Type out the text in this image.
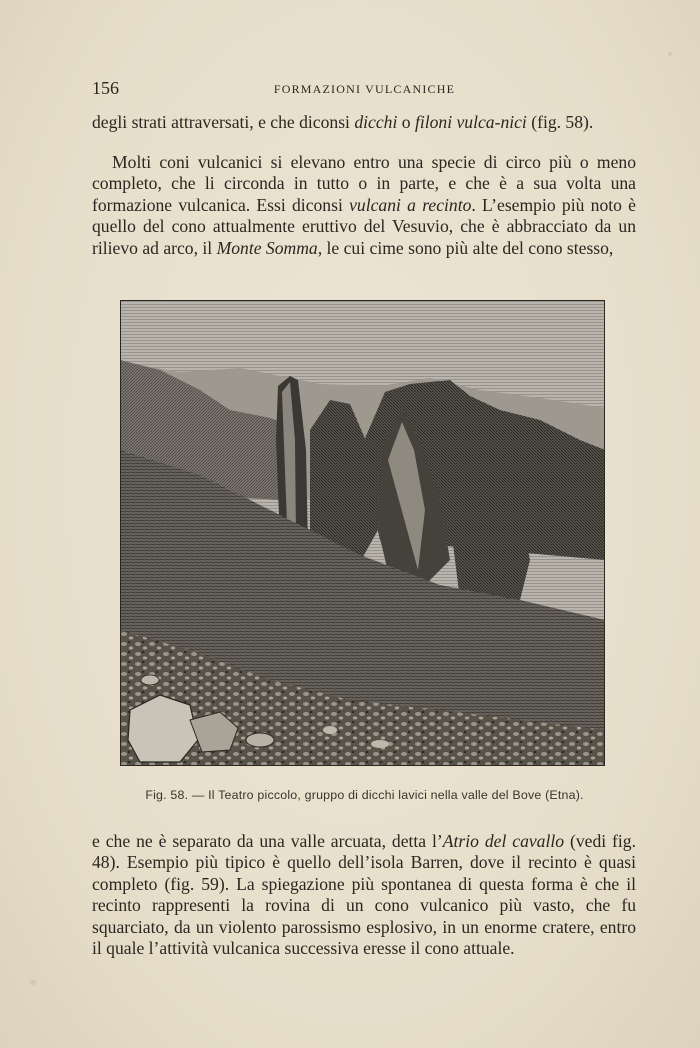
156	FORMAZIONI VULCANICHE

degli strati attraversati, e che diconsi dicchi o filoni vulca-nici (fig. 58).

Molti coni vulcanici si elevano entro una specie di circo più o meno completo, che li circonda in tutto o in parte, e che è a sua volta una formazione vulcanica. Essi diconsi vulcani a recinto. L’esempio più noto è quello del cono attualmente eruttivo del Vesuvio, che è abbracciato da un rilievo ad arco, il Monte Somma, le cui cime sono più alte del cono stesso,

Fig. 58. — Il Teatro piccolo, gruppo di dicchi lavici nella valle del Bove (Etna).

e che ne è separato da una valle arcuata, detta l’Atrio del cavallo (vedi fig. 48). Esempio più tipico è quello dell’isola Barren, dove il recinto è quasi completo (fig. 59). La spiegazione più spontanea di questa forma è che il recinto rappresenti la rovina di un cono vulcanico più vasto, che fu squarciato, da un violento parossismo esplosivo, in un enorme cratere, entro il quale l’attività vulcanica successiva eresse il cono attuale.
